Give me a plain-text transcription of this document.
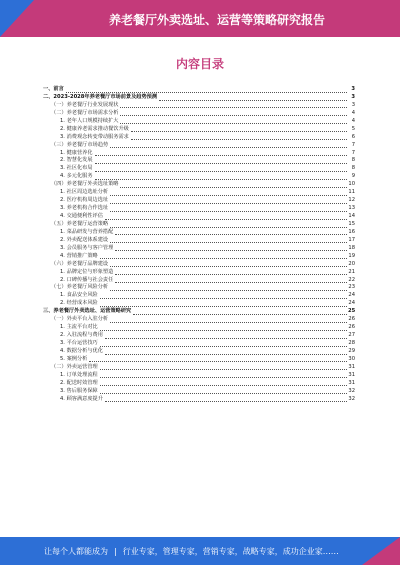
养老餐厅外卖选址、运营等策略研究报告
内容目录
一、前言	3
二、2023-2028年养老餐厅市场前景及趋势预测	3
（一）养老餐厅行业发展现状	3
（二）养老餐厅市场需求分析	4
1. 老年人口规模持续扩大	4
2. 健康养老需求推动餐饮升级	5
3. 消费观念转变带动服务需求	6
（三）养老餐厅市场趋势	7
1. 健康营养化	7
2. 智慧化发展	8
3. 社区化布局	8
4. 多元化服务	9
（四）养老餐厅外卖选址策略	10
1. 社区周边选址分析	11
2. 医疗机构周边选址	12
3. 养老机构合作选址	13
4. 交通便利性评估	14
（五）养老餐厅运营策略	15
1. 菜品研发与营养搭配	16
2. 外卖配送体系建设	17
3. 会员服务与客户管理	18
4. 营销推广策略	19
（六）养老餐厅品牌建设	20
1. 品牌定位与形象塑造	21
2. 口碑传播与社会责任	22
（七）养老餐厅风险分析	23
1. 食品安全风险	24
2. 经营成本风险	24
三、养老餐厅外卖选址、运营策略研究	25
（一）外卖平台入驻分析	26
1. 主流平台对比	26
2. 入驻流程与费用	27
3. 平台运营技巧	28
4. 数据分析与优化	29
5. 案例分析	30
（二）外卖运营管理	31
1. 订单处理流程	31
2. 配送时效管理	31
3. 售后服务保障	32
4. 顾客满意度提升	32
让每个人都能成为 | 行业专家，管理专家，营销专家，战略专家，成功企业家……
